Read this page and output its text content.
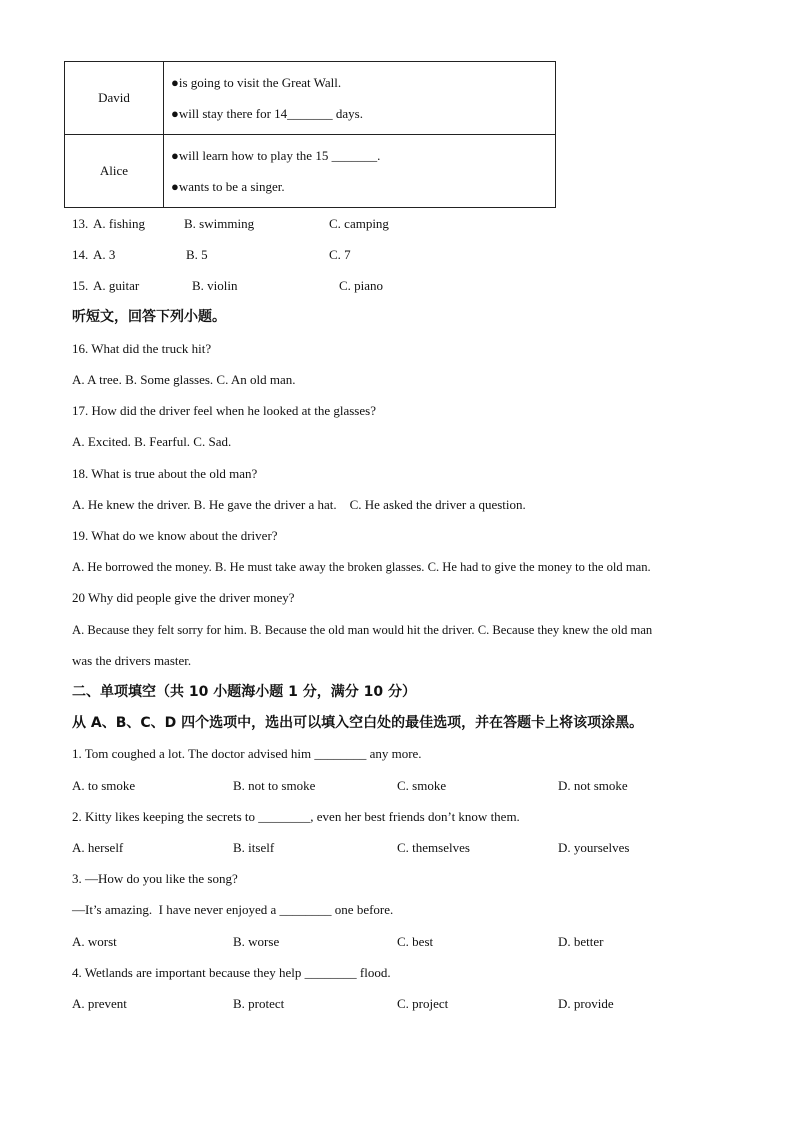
David	●is going to visit the Great Wall.
●will stay there for 14_______ days.

Alice	●will learn how to play the 15 _______.
●wants to be a singer.
13. A. fishing	B. swimming	C. camping
14. A. 3	B. 5	C. 7
15. A. guitar	B. violin	C. piano
听短文，回答下列小题。
16. What did the truck hit?
A. A tree. B. Some glasses. C. An old man.
17. How did the driver feel when he looked at the glasses?
A. Excited. B. Fearful. C. Sad.
18. What is true about the old man?
A. He knew the driver. B. He gave the driver a hat.    C. He asked the driver a question.
19. What do we know about the driver?
A. He borrowed the money. B. He must take away the broken glasses. C. He had to give the money to the old man.
20 Why did people give the driver money?
A. Because they felt sorry for him. B. Because the old man would hit the driver. C. Because they knew the old man
was the drivers master.
二、单项填空（共 10 小题海小题 1 分，满分 10 分）
从 A、B、C、D 四个选项中，选出可以填入空白处的最佳选项，并在答题卡上将该项涂黑。
1. Tom coughed a lot. The doctor advised him ________ any more.
A. to smoke	B. not to smoke	C. smoke	D. not smoke
2. Kitty likes keeping the secrets to ________, even her best friends don’t know them.
A. herself	B. itself	C. themselves	D. yourselves
3. —How do you like the song?
—It’s amazing.  I have never enjoyed a ________ one before.
A. worst	B. worse	C. best	D. better
4. Wetlands are important because they help ________ flood.
A. prevent	B. protect	C. project	D. provide
